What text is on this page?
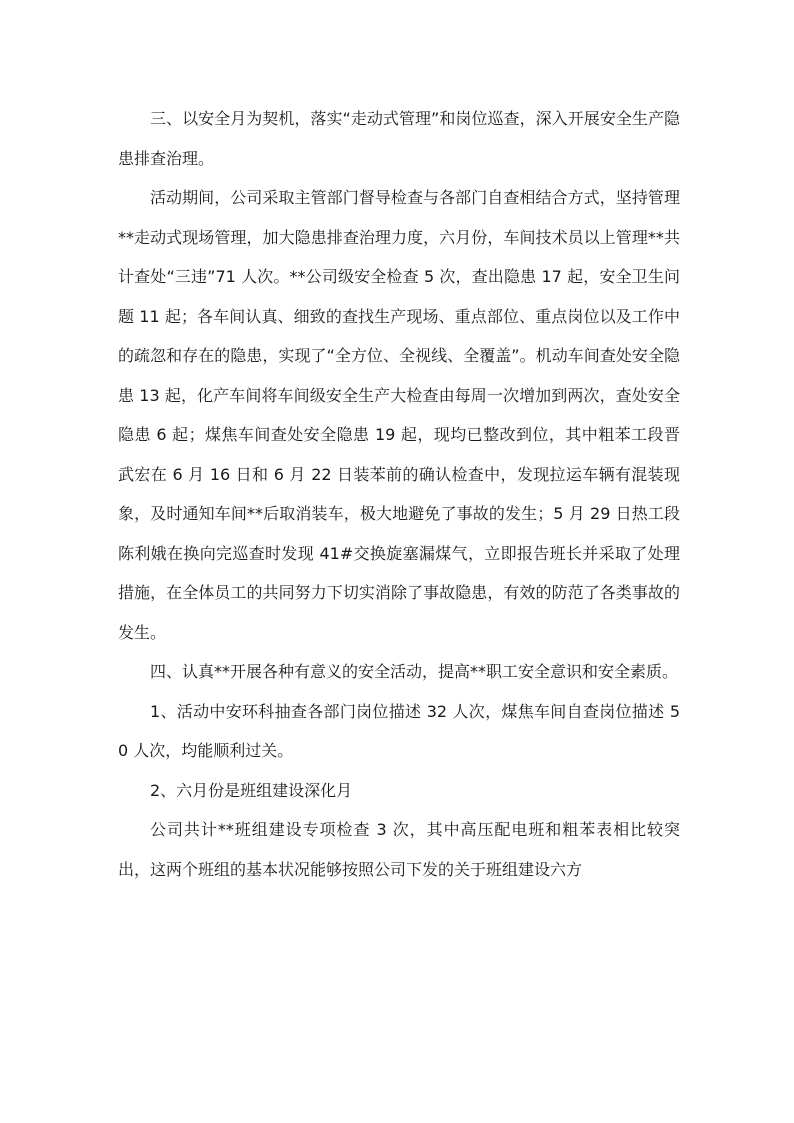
三、以安全月为契机，落实“走动式管理”和岗位巡查，深入开展安全生产隐患排查治理。

活动期间，公司采取主管部门督导检查与各部门自查相结合方式，坚持管理**走动式现场管理，加大隐患排查治理力度，六月份，车间技术员以上管理**共计查处“三违”71 人次。**公司级安全检查 5 次，查出隐患 17 起，安全卫生问题 11 起；各车间认真、细致的查找生产现场、重点部位、重点岗位以及工作中的疏忽和存在的隐患，实现了“全方位、全视线、全覆盖”。机动车间查处安全隐患 13 起，化产车间将车间级安全生产大检查由每周一次增加到两次，查处安全隐患 6 起；煤焦车间查处安全隐患 19 起，现均已整改到位，其中粗苯工段晋武宏在 6 月 16 日和 6 月 22 日装苯前的确认检查中，发现拉运车辆有混装现象，及时通知车间**后取消装车，极大地避免了事故的发生；5 月 29 日热工段陈利娥在换向完巡查时发现 41#交换旋塞漏煤气，立即报告班长并采取了处理措施，在全体员工的共同努力下切实消除了事故隐患，有效的防范了各类事故的发生。

四、认真**开展各种有意义的安全活动，提高**职工安全意识和安全素质。

1、活动中安环科抽查各部门岗位描述 32 人次，煤焦车间自查岗位描述 50 人次，均能顺利过关。

2、六月份是班组建设深化月

公司共计**班组建设专项检查 3 次，其中高压配电班和粗苯表相比较突出，这两个班组的基本状况能够按照公司下发的关于班组建设六方
